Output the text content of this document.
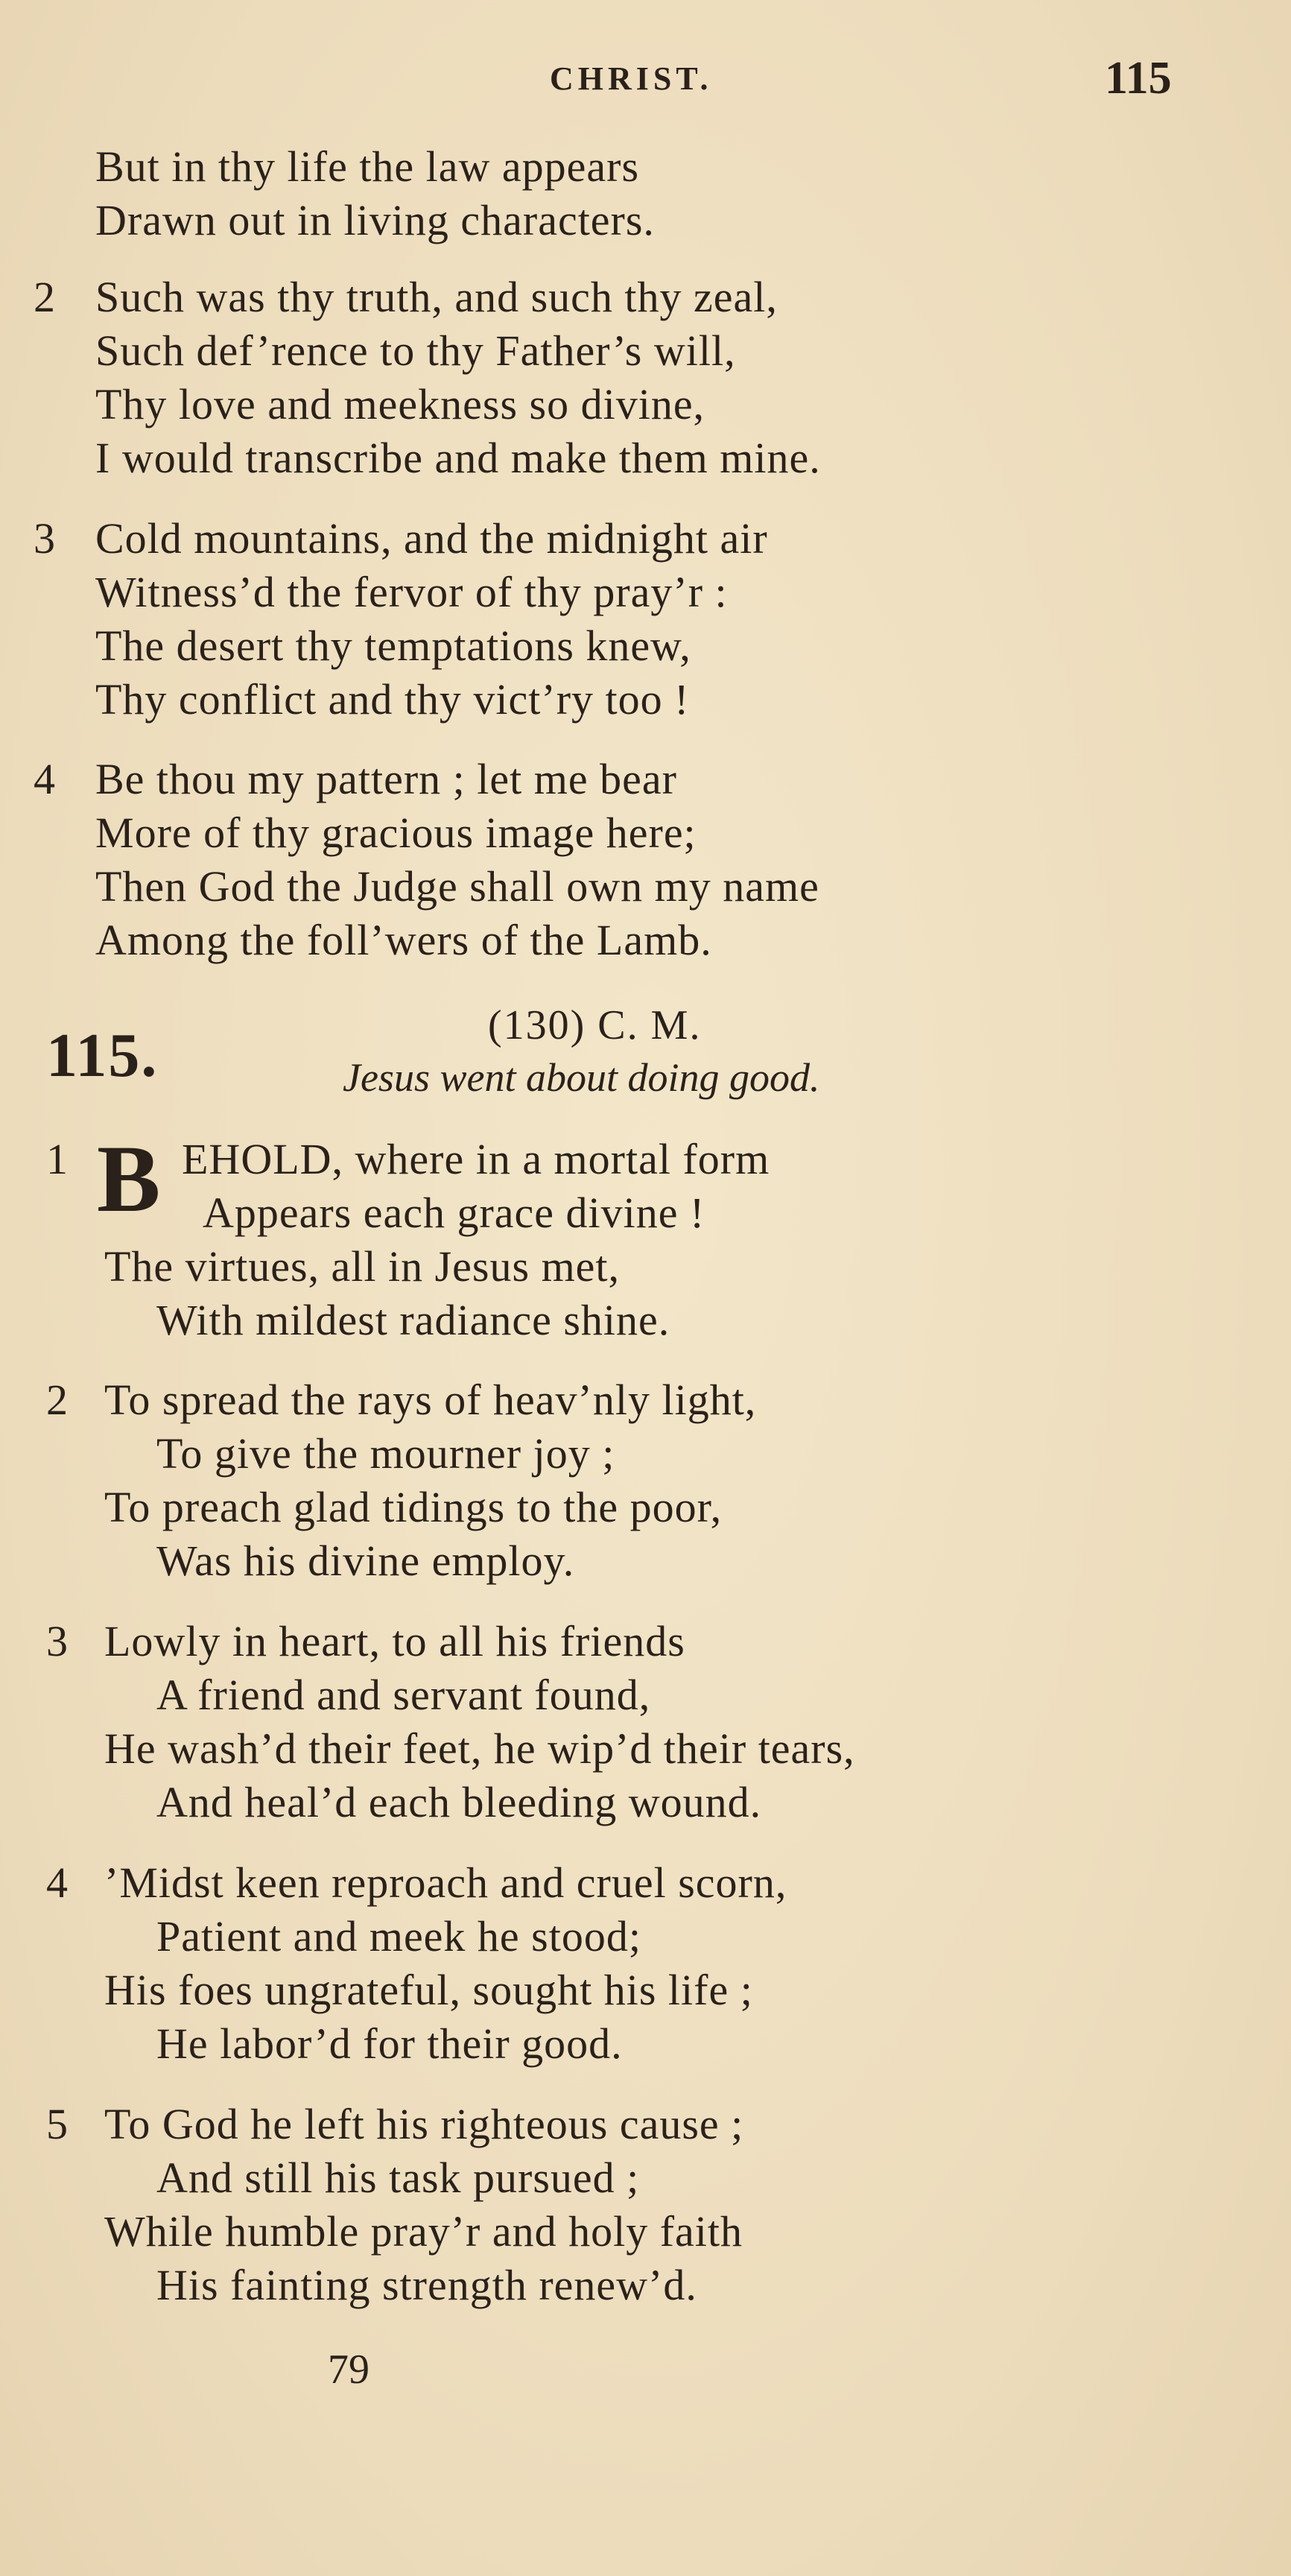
CHRIST.	115
But in thy life the law appears
Drawn out in living characters.
2 Such was thy truth, and such thy zeal,
Such def’rence to thy Father’s will,
Thy love and meekness so divine,
I would transcribe and make them mine.
3 Cold mountains, and the midnight air
Witness’d the fervor of thy pray’r :
The desert thy temptations knew,
Thy conflict and thy vict’ry too !
4 Be thou my pattern ; let me bear
More of thy gracious image here;
Then God the Judge shall own my name
Among the foll’wers of the Lamb.
115.	(130) C. M.
Jesus went about doing good.
1 B EHOLD, where in a mortal form
Appears each grace divine !
The virtues, all in Jesus met,
With mildest radiance shine.
2 To spread the rays of heav’nly light,
To give the mourner joy ;
To preach glad tidings to the poor,
Was his divine employ.
3 Lowly in heart, to all his friends
A friend and servant found,
He wash’d their feet, he wip’d their tears,
And heal’d each bleeding wound.
4 ’Midst keen reproach and cruel scorn,
Patient and meek he stood;
His foes ungrateful, sought his life ;
He labor’d for their good.
5 To God he left his righteous cause ;
And still his task pursued ;
While humble pray’r and holy faith
His fainting strength renew’d.
79
